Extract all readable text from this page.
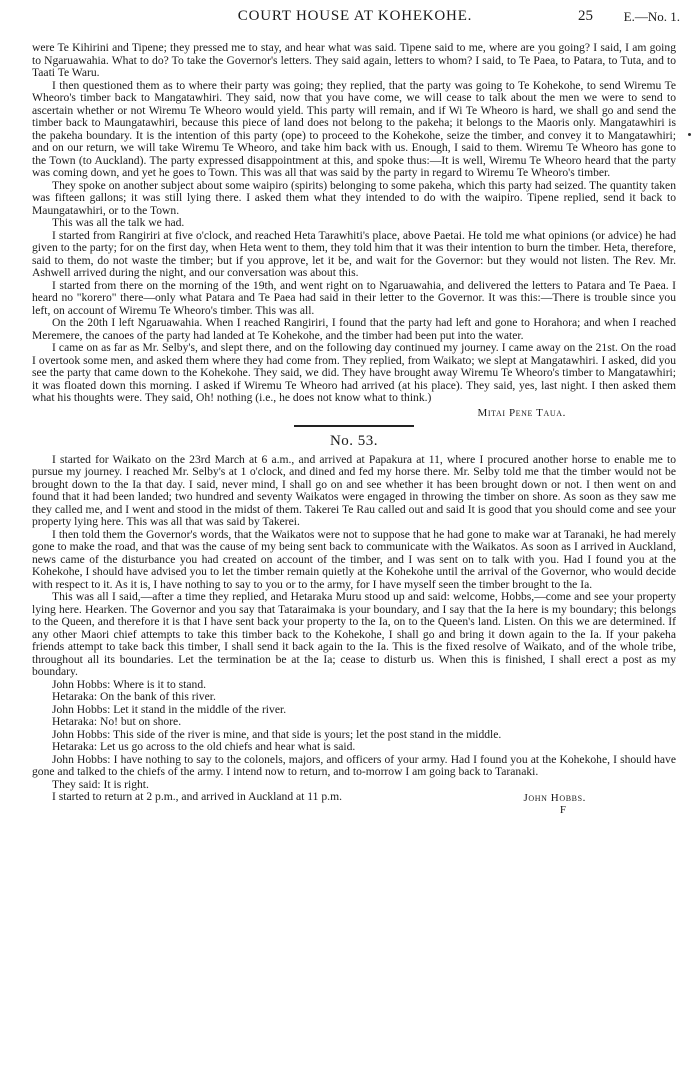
COURT HOUSE AT KOHEKOHE.	25 E.—No. 1.
were Te Kihirini and Tipene; they pressed me to stay, and hear what was said. Tipene said to me, where are you going? I said, I am going to Ngaruawahia. What to do? To take the Governor's letters. They said again, letters to whom? I said, to Te Paea, to Patara, to Tuta, and to Taati Te Waru.
I then questioned them as to where their party was going; they replied, that the party was going to Te Kohekohe, to send Wiremu Te Wheoro's timber back to Mangatawhiri. They said, now that you have come, we will cease to talk about the men we were to send to ascertain whether or not Wiremu Te Wheoro would yield. This party will remain, and if Wi Te Wheoro is hard, we shall go and send the timber back to Maungatawhiri, because this piece of land does not belong to the pakeha; it belongs to the Maoris only. Mangatawhiri is the pakeha boundary. It is the intention of this party (ope) to proceed to the Kohekohe, seize the timber, and convey it to Mangatawhiri; and on our return, we will take Wiremu Te Wheoro, and take him back with us. Enough, I said to them. Wiremu Te Wheoro has gone to the Town (to Auckland). The party expressed disappointment at this, and spoke thus:—It is well, Wiremu Te Wheoro heard that the party was coming down, and yet he goes to Town. This was all that was said by the party in regard to Wiremu Te Wheoro's timber.
They spoke on another subject about some waipiro (spirits) belonging to some pakeha, which this party had seized. The quantity taken was fifteen gallons; it was still lying there. I asked them what they intended to do with the waipiro. Tipene replied, send it back to Maungatawhiri, or to the Town.
This was all the talk we had.
I started from Rangiriri at five o'clock, and reached Heta Tarawhiti's place, above Paetai. He told me what opinions (or advice) he had given to the party; for on the first day, when Heta went to them, they told him that it was their intention to burn the timber. Heta, therefore, said to them, do not waste the timber; but if you approve, let it be, and wait for the Governor: but they would not listen. The Rev. Mr. Ashwell arrived during the night, and our conversation was about this.
I started from there on the morning of the 19th, and went right on to Ngaruawahia, and delivered the letters to Patara and Te Paea. I heard no "korero" there—only what Patara and Te Paea had said in their letter to the Governor. It was this:—There is trouble since you left, on account of Wiremu Te Wheoro's timber. This was all.
On the 20th I left Ngaruawahia. When I reached Rangiriri, I found that the party had left and gone to Horahora; and when I reached Meremere, the canoes of the party had landed at Te Kohekohe, and the timber had been put into the water.
I came on as far as Mr. Selby's, and slept there, and on the following day continued my journey. I came away on the 21st. On the road I overtook some men, and asked them where they had come from. They replied, from Waikato; we slept at Mangatawhiri. I asked, did you see the party that came down to the Kohekohe. They said, we did. They have brought away Wiremu Te Wheoro's timber to Mangatawhiri; it was floated down this morning. I asked if Wiremu Te Wheoro had arrived (at his place). They said, yes, last night. I then asked them what his thoughts were. They said, Oh! nothing (i.e., he does not know what to think.)
Mitai Pene Taua.
No. 53.
I started for Waikato on the 23rd March at 6 a.m., and arrived at Papakura at 11, where I procured another horse to enable me to pursue my journey. I reached Mr. Selby's at 1 o'clock, and dined and fed my horse there. Mr. Selby told me that the timber would not be brought down to the Ia that day. I said, never mind, I shall go on and see whether it has been brought down or not. I then went on and found that it had been landed; two hundred and seventy Waikatos were engaged in throwing the timber on shore. As soon as they saw me they called me, and I went and stood in the midst of them. Takerei Te Rau called out and said It is good that you should come and see your property lying here. This was all that was said by Takerei.
I then told them the Governor's words, that the Waikatos were not to suppose that he had gone to make war at Taranaki, he had merely gone to make the road, and that was the cause of my being sent back to communicate with the Waikatos. As soon as I arrived in Auckland, news came of the disturbance you had created on account of the timber, and I was sent on to talk with you. Had I found you at the Kohekohe, I should have advised you to let the timber remain quietly at the Kohekohe until the arrival of the Governor, who would decide with respect to it. As it is, I have nothing to say to you or to the army, for I have myself seen the timber brought to the Ia.
This was all I said,—after a time they replied, and Hetaraka Muru stood up and said: welcome, Hobbs,—come and see your property lying here. Hearken. The Governor and you say that Tataraimaka is your boundary, and I say that the Ia here is my boundary; this belongs to the Queen, and therefore it is that I have sent back your property to the Ia, on to the Queen's land. Listen. On this we are determined. If any other Maori chief attempts to take this timber back to the Kohekohe, I shall go and bring it down again to the Ia. If your pakeha friends attempt to take back this timber, I shall send it back again to the Ia. This is the fixed resolve of Waikato, and of the whole tribe, throughout all its boundaries. Let the termination be at the Ia; cease to disturb us. When this is finished, I shall erect a post as my boundary.
John Hobbs: Where is it to stand.
Hetaraka: On the bank of this river.
John Hobbs: Let it stand in the middle of the river.
Hetaraka: No! but on shore.
John Hobbs: This side of the river is mine, and that side is yours; let the post stand in the middle.
Hetaraka: Let us go across to the old chiefs and hear what is said.
John Hobbs: I have nothing to say to the colonels, majors, and officers of your army. Had I found you at the Kohekohe, I should have gone and talked to the chiefs of the army. I intend now to return, and to-morrow I am going back to Taranaki.
They said: It is right.
I started to return at 2 p.m., and arrived in Auckland at 11 p.m.	John Hobbs.
F
